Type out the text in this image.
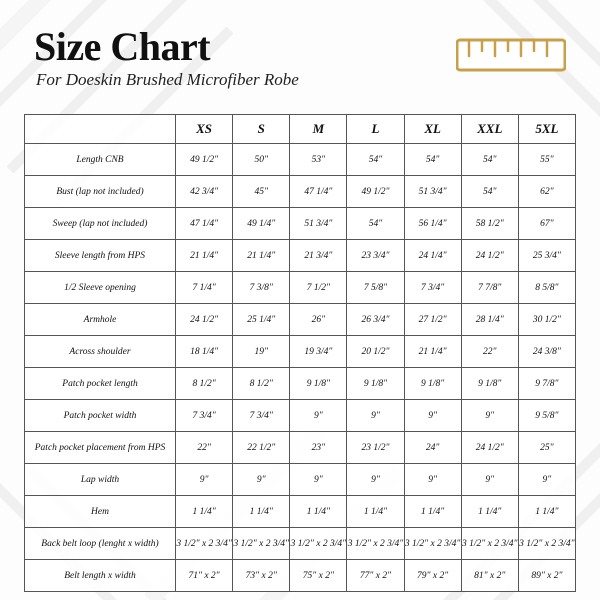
Size Chart

For Doeskin Brushed Microfiber Robe

	XS	S	M	L	XL	XXL	5XL
Length CNB	49 1/2"	50"	53"	54"	54"	54"	55"
Bust (lap not included)	42 3/4"	45"	47 1/4"	49 1/2"	51 3/4"	54"	62"
Sweep (lap not included)	47 1/4"	49 1/4"	51 3/4"	54"	56 1/4"	58 1/2"	67"
Sleeve length from HPS	21 1/4"	21 1/4"	21 3/4"	23 3/4"	24 1/4"	24 1/2"	25 3/4"
1/2 Sleeve opening	7 1/4"	7 3/8"	7 1/2"	7 5/8"	7 3/4"	7 7/8"	8 5/8"
Armhole	24 1/2"	25 1/4"	26"	26 3/4"	27 1/2"	28 1/4"	30 1/2"
Across shoulder	18 1/4"	19"	19 3/4"	20 1/2"	21 1/4"	22"	24 3/8"
Patch pocket length	8 1/2"	8 1/2"	9 1/8"	9 1/8"	9 1/8"	9 1/8"	9 7/8"
Patch pocket width	7 3/4"	7 3/4"	9"	9"	9"	9"	9 5/8"
Patch pocket placement from HPS	22"	22 1/2"	23"	23 1/2"	24"	24 1/2"	25"
Lap width	9"	9"	9"	9"	9"	9"	9"
Hem	1 1/4"	1 1/4"	1 1/4"	1 1/4"	1 1/4"	1 1/4"	1 1/4"
Back belt loop (lenght x width)	3 1/2" x 2 3/4"	3 1/2" x 2 3/4"	3 1/2" x 2 3/4"	3 1/2" x 2 3/4"	3 1/2" x 2 3/4"	3 1/2" x 2 3/4"	3 1/2" x 2 3/4"
Belt length x width	71" x 2"	73" x 2"	75" x 2"	77" x 2"	79" x 2"	81" x 2"	89" x 2"
